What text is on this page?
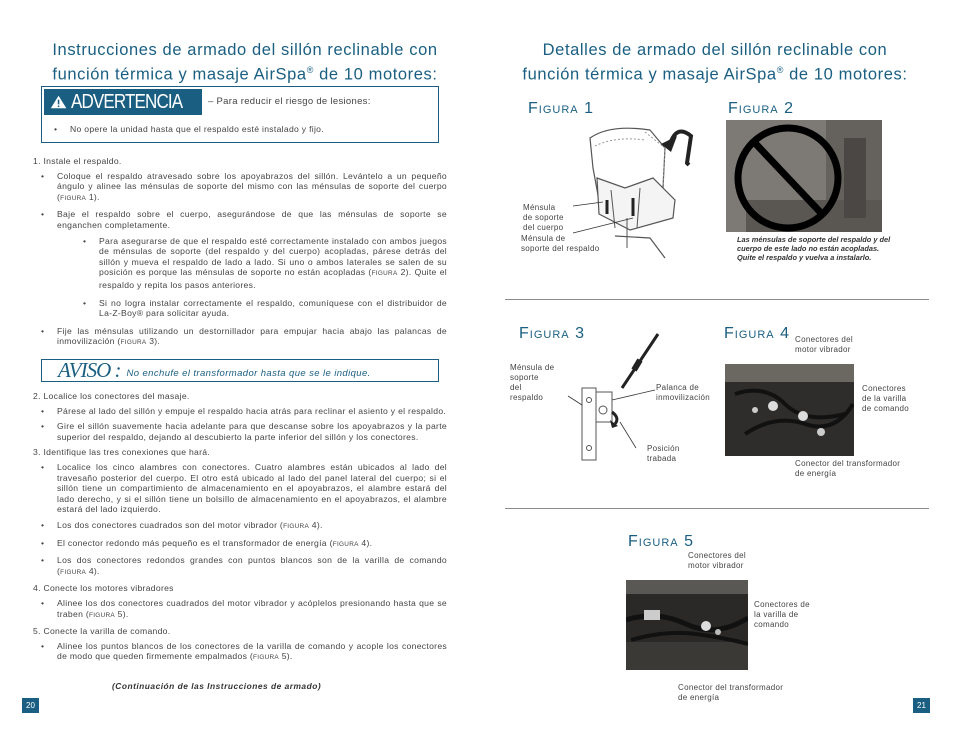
Instrucciones de armado del sillón reclinable con
función térmica y masaje AirSpa® de 10 motores:
ADVERTENCIA	– Para reducir el riesgo de lesiones:
• No opere la unidad hasta que el respaldo esté instalado y fijo.
1. Instale el respaldo.
• Coloque el respaldo atravesado sobre los apoyabrazos del sillón. Levántelo a un pequeño ángulo y alinee las ménsulas de soporte del mismo con las ménsulas de soporte del cuerpo (FIGURA 1).
• Baje el respaldo sobre el cuerpo, asegurándose de que las ménsulas de soporte se enganchen completamente.
• Para asegurarse de que el respaldo esté correctamente instalado con ambos juegos de ménsulas de soporte (del respaldo y del cuerpo) acopladas, párese detrás del sillón y mueva el respaldo de lado a lado. Si uno o ambos laterales se salen de su posición es porque las ménsulas de soporte no están acopladas (FIGURA 2). Quite el respaldo y repita los pasos anteriores.
• Si no logra instalar correctamente el respaldo, comuníquese con el distribuidor de La-Z-Boy® para solicitar ayuda.
• Fije las ménsulas utilizando un destornillador para empujar hacia abajo las palancas de inmovilización (FIGURA 3).
AVISO : No enchufe el transformador hasta que se le indique.
2. Localice los conectores del masaje.
• Párese al lado del sillón y empuje el respaldo hacia atrás para reclinar el asiento y el respaldo.
• Gire el sillón suavemente hacia adelante para que descanse sobre los apoyabrazos y la parte superior del respaldo, dejando al descubierto la parte inferior del sillón y los conectores.
3. Identifique las tres conexiones que hará.
• Localice los cinco alambres con conectores. Cuatro alambres están ubicados al lado del travesaño posterior del cuerpo. El otro está ubicado al lado del panel lateral del cuerpo; si el sillón tiene un compartimiento de almacenamiento en el apoyabrazos, el alambre estará del lado derecho, y si el sillón tiene un bolsillo de almacenamiento en el apoyabrazos, el alambre estará del lado izquierdo.
• Los dos conectores cuadrados son del motor vibrador (FIGURA 4).
• El conector redondo más pequeño es el transformador de energía (FIGURA 4).
• Los dos conectores redondos grandes con puntos blancos son de la varilla de comando (FIGURA 4).
4. Conecte los motores vibradores
• Alinee los dos conectores cuadrados del motor vibrador y acóplelos presionando hasta que se traben (FIGURA 5).
5. Conecte la varilla de comando.
• Alinee los puntos blancos de los conectores de la varilla de comando y acople los conectores de modo que queden firmemente empalmados (FIGURA 5).
(Continuación de las Instrucciones de armado)
20
Detalles de armado del sillón reclinable con
función térmica y masaje AirSpa® de 10 motores:
FIGURA 1
Ménsula
de soporte
del cuerpo
Ménsula de
soporte del respaldo
FIGURA 2
Las ménsulas de soporte del respaldo y del cuerpo de este lado no están acopladas. Quite el respaldo y vuelva a instalarlo.
FIGURA 3
Ménsula de
soporte
del
respaldo
Palanca de
inmovilización
Posición
trabada
FIGURA 4 Conectores del
motor vibrador
Conectores
de la varilla
de comando
Conector del transformador
de energía
FIGURA 5
Conectores del
motor vibrador
Conectores de
la varilla de
comando
Conector del transformador
de energía
21
